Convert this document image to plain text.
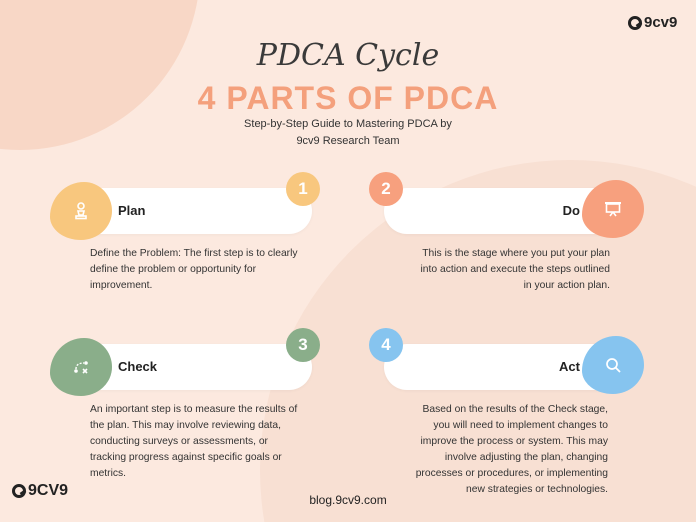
9cv9
PDCA Cycle
4 PARTS OF PDCA
Step-by-Step Guide to Mastering PDCA by
9cv9 Research Team
Plan
1
Define the Problem: The first step is to clearly
define the problem or opportunity for
improvement.
Do
2
This is the stage where you put your plan
into action and execute the steps outlined
in your action plan.
Check
3
An important step is to measure the results of
the plan. This may involve reviewing data,
conducting surveys or assessments, or
tracking progress against specific goals or
metrics.
Act
4
Based on the results of the Check stage,
you will need to implement changes to
improve the process or system. This may
involve adjusting the plan, changing
processes or procedures, or implementing
new strategies or technologies.
9CV9
blog.9cv9.com
